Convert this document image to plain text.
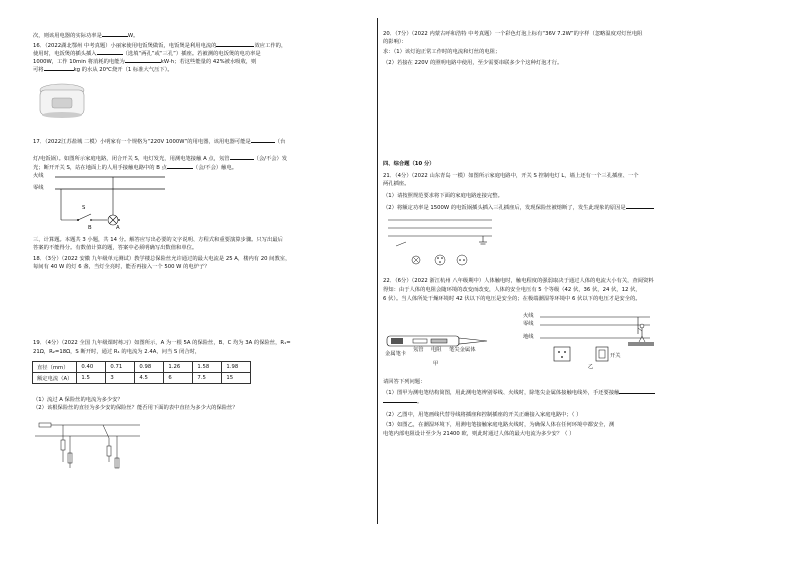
次，则该用电器的实际功率是	W。
16．（2022湖北鄂州 中考真题）小丽家使用电饭煲做饭，电饭煲是利用电流的	效应工作的，
使用时，电饭煲的插头插入	（选填“两孔”或“三孔”）插座。若被测的电饭煲的电功率是
1000W，工作 10min 将消耗的电能为	kW·h；若这些能量的 42%被水吸收，则
可将	kg 的水从 20℃烧开（1 标准大气压下）。
17．（2022江苏盐城 二模）小明家有一个规格为“220V 1000W”的用电器，该用电器可能是	（台
灯/电饭锅）。如图所示家庭电路，闭合开关 S，电灯发光，用测电笔接触 A 点，氖管	（会/不会）发
光；断开开关 S，站在地面上的人用手接触电路中的 B 点	（会/不会）触电。
火线
零线
S
B	A
三、计算题。本题共 3 小题，共 14 分。解答应写出必要的文字说明、方程式和重要演算步骤。只写出最后
答案的不能得分。有数值计算的题，答案中必须明确写出数值和单位。
18．（3分）（2022 安徽 九年级单元测试）教学楼总保险丝允许通过的最大电流是 25 A，楼内有 20 间教室，
每间有 40 W 的灯 6 盏，当灯全亮时，能否再接入一个 500 W 的电炉子？
19．（4分）（2022 全国 九年级课时练习）如图所示，A 为一根 5A 的保险丝，B、C 均为 3A 的保险丝，R₁=
21Ω，R₂=18Ω，S 断开时，通过 R₁ 的电流为 2.4A，问当 S 闭合时，
直径（mm）	0.40	0.71	0.98	1.26	1.58	1.98
额定电流（A）	1.5	3	4.5	6	7.5	15
（1）流过 A 保险丝的电流为多少安？
（2）该根保险丝的直径为多少安的保险丝？能否用下面的表中直径为多少大的保险丝？
20．（7分）（2022 内蒙古呼和浩特 中考真题）一个彩色灯泡上标有“36V 7.2W”的字样（忽略温度对灯丝电阻
的影响）：
求：（1）该灯泡正常工作时的电流和灯丝的电阻；
（2）若接在 220V 的照明电路中使用，至少需要串联多少个这种灯泡才行。
四、综合题（10 分）
21．（4分）（2022 山东青岛 一模）如图所示家庭电路中，开关 S 控制电灯 L，墙上还有一个三孔插座、一个
两孔插座。
（1）请按照规范要求将下面的家庭电路连接完整。
（2）将额定功率是 1500W 的电饭锅插头插入三孔插座后，发现保险丝被熔断了，发生此现象的原因是
22．（6分）（2022 浙江杭州 八年级期中）人体触电时，触电程度的强弱取决于通过人体的电流大小有关，查阅资料
得知：由于人体的电阻会随环境的改变而改变，人体的安全电压有 5 个等级（42 伏，36 伏，24 伏，12 伏，
6 伏）。当人体所处干燥环境时 42 伏以下的电压是安全的；在极端潮湿等环境中 6 伏以下的电压才是安全的。
金属笔卡
氖管 电阻 笔尖金属体
甲
火线
零线
地线
开关
乙
请回答下列问题：
（1）图甲为测电笔结构简图，用此测电笔辨别零线、火线时，除笔尖金属体接触电线外，手还要接触
。
（2）乙图中，用笔画线代替导线将插座和控制插座的开关正确接入家庭电路中；（ ）
（3）如图乙，在潮湿环境下，用测电笔接触家庭电路火线时，为确保人体在任何环境中都安全，测
电笔内部电阻设计至少为 21400 欧，则此时通过人体的最大电流为多少安？（ ）
